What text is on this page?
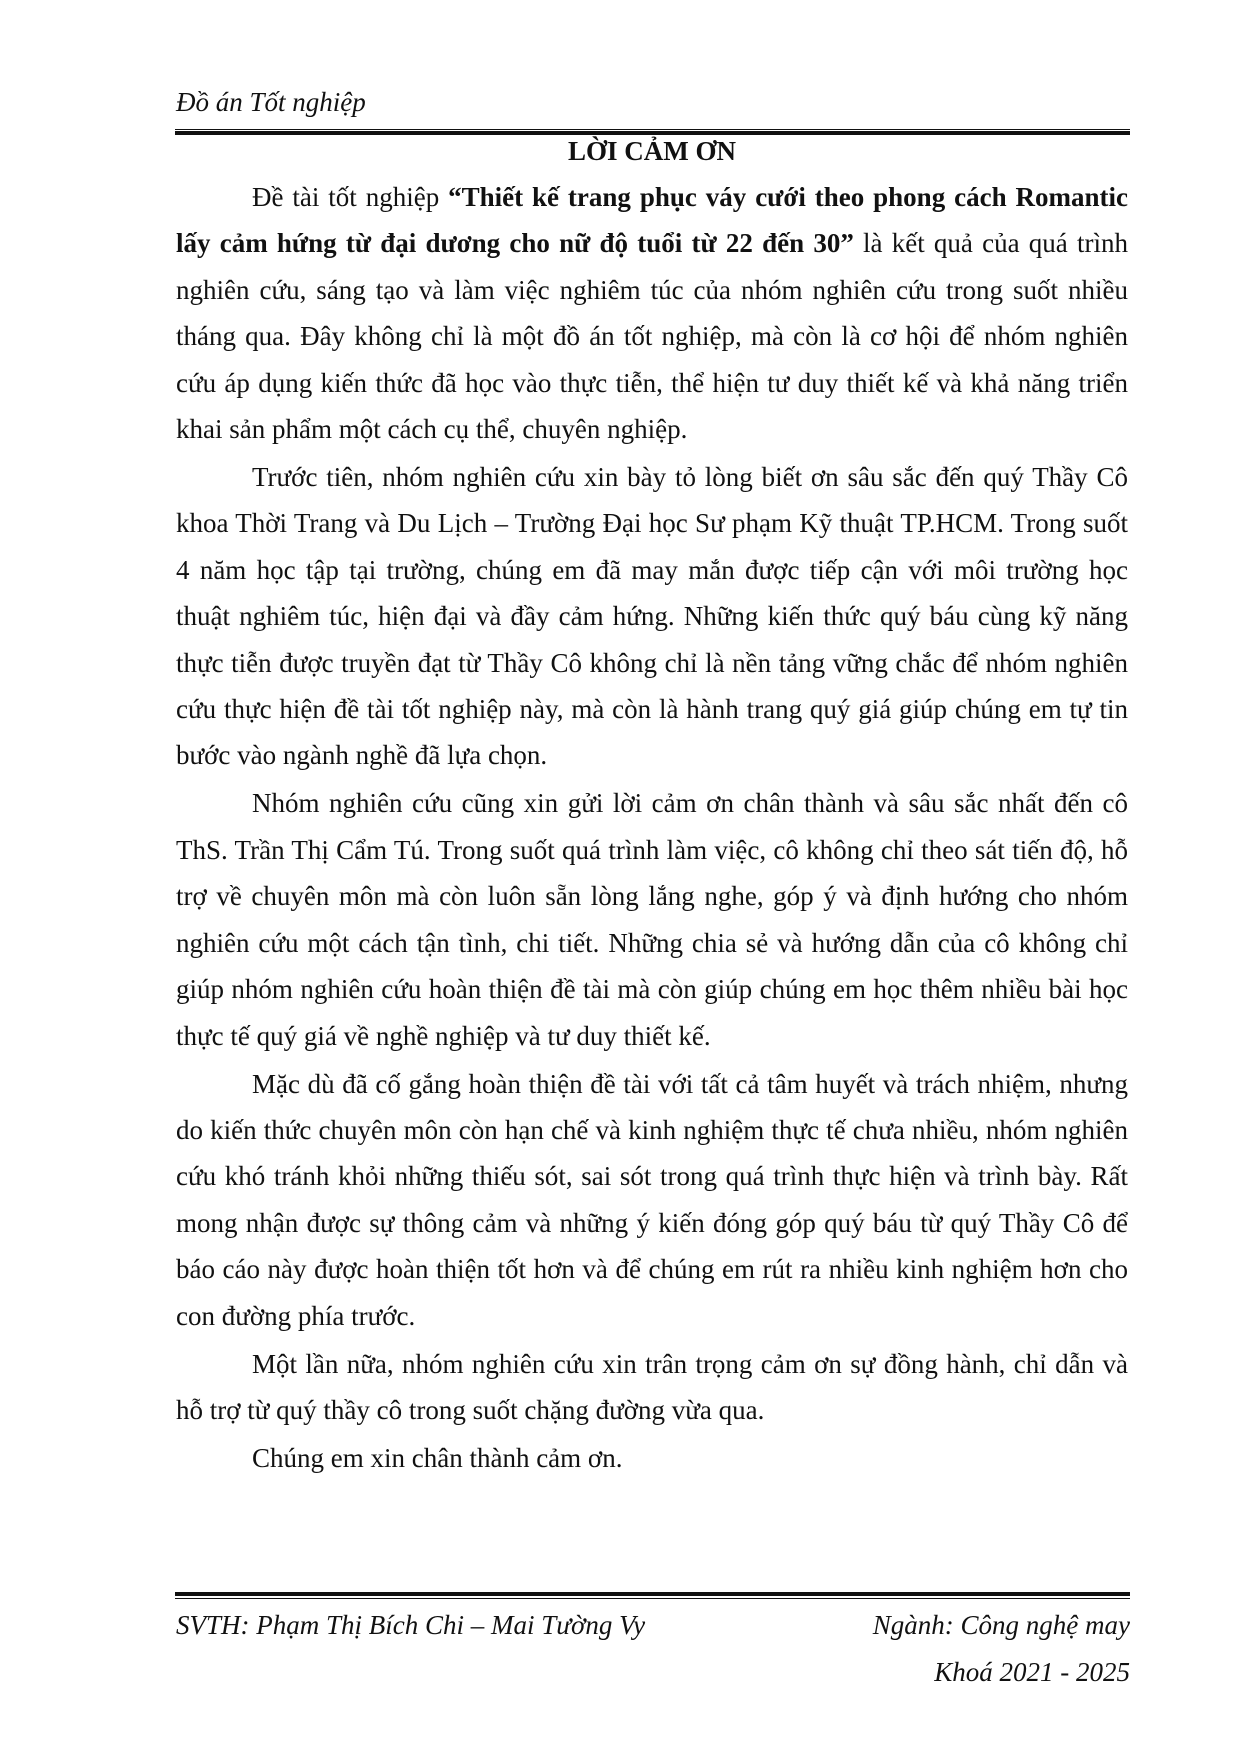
Đồ án Tốt nghiệp
LỜI CẢM ƠN

Đề tài tốt nghiệp “Thiết kế trang phục váy cưới theo phong cách Romantic lấy cảm hứng từ đại dương cho nữ độ tuổi từ 22 đến 30” là kết quả của quá trình nghiên cứu, sáng tạo và làm việc nghiêm túc của nhóm nghiên cứu trong suốt nhiều tháng qua. Đây không chỉ là một đồ án tốt nghiệp, mà còn là cơ hội để nhóm nghiên cứu áp dụng kiến thức đã học vào thực tiễn, thể hiện tư duy thiết kế và khả năng triển khai sản phẩm một cách cụ thể, chuyên nghiệp.

Trước tiên, nhóm nghiên cứu xin bày tỏ lòng biết ơn sâu sắc đến quý Thầy Cô khoa Thời Trang và Du Lịch – Trường Đại học Sư phạm Kỹ thuật TP.HCM. Trong suốt 4 năm học tập tại trường, chúng em đã may mắn được tiếp cận với môi trường học thuật nghiêm túc, hiện đại và đầy cảm hứng. Những kiến thức quý báu cùng kỹ năng thực tiễn được truyền đạt từ Thầy Cô không chỉ là nền tảng vững chắc để nhóm nghiên cứu thực hiện đề tài tốt nghiệp này, mà còn là hành trang quý giá giúp chúng em tự tin bước vào ngành nghề đã lựa chọn.

Nhóm nghiên cứu cũng xin gửi lời cảm ơn chân thành và sâu sắc nhất đến cô ThS. Trần Thị Cẩm Tú. Trong suốt quá trình làm việc, cô không chỉ theo sát tiến độ, hỗ trợ về chuyên môn mà còn luôn sẵn lòng lắng nghe, góp ý và định hướng cho nhóm nghiên cứu một cách tận tình, chi tiết. Những chia sẻ và hướng dẫn của cô không chỉ giúp nhóm nghiên cứu hoàn thiện đề tài mà còn giúp chúng em học thêm nhiều bài học thực tế quý giá về nghề nghiệp và tư duy thiết kế.

Mặc dù đã cố gắng hoàn thiện đề tài với tất cả tâm huyết và trách nhiệm, nhưng do kiến thức chuyên môn còn hạn chế và kinh nghiệm thực tế chưa nhiều, nhóm nghiên cứu khó tránh khỏi những thiếu sót, sai sót trong quá trình thực hiện và trình bày. Rất mong nhận được sự thông cảm và những ý kiến đóng góp quý báu từ quý Thầy Cô để báo cáo này được hoàn thiện tốt hơn và để chúng em rút ra nhiều kinh nghiệm hơn cho con đường phía trước.

Một lần nữa, nhóm nghiên cứu xin trân trọng cảm ơn sự đồng hành, chỉ dẫn và hỗ trợ từ quý thầy cô trong suốt chặng đường vừa qua.

Chúng em xin chân thành cảm ơn.

SVTH: Phạm Thị Bích Chi – Mai Tường Vy	Ngành: Công nghệ may
Khoá 2021 - 2025
